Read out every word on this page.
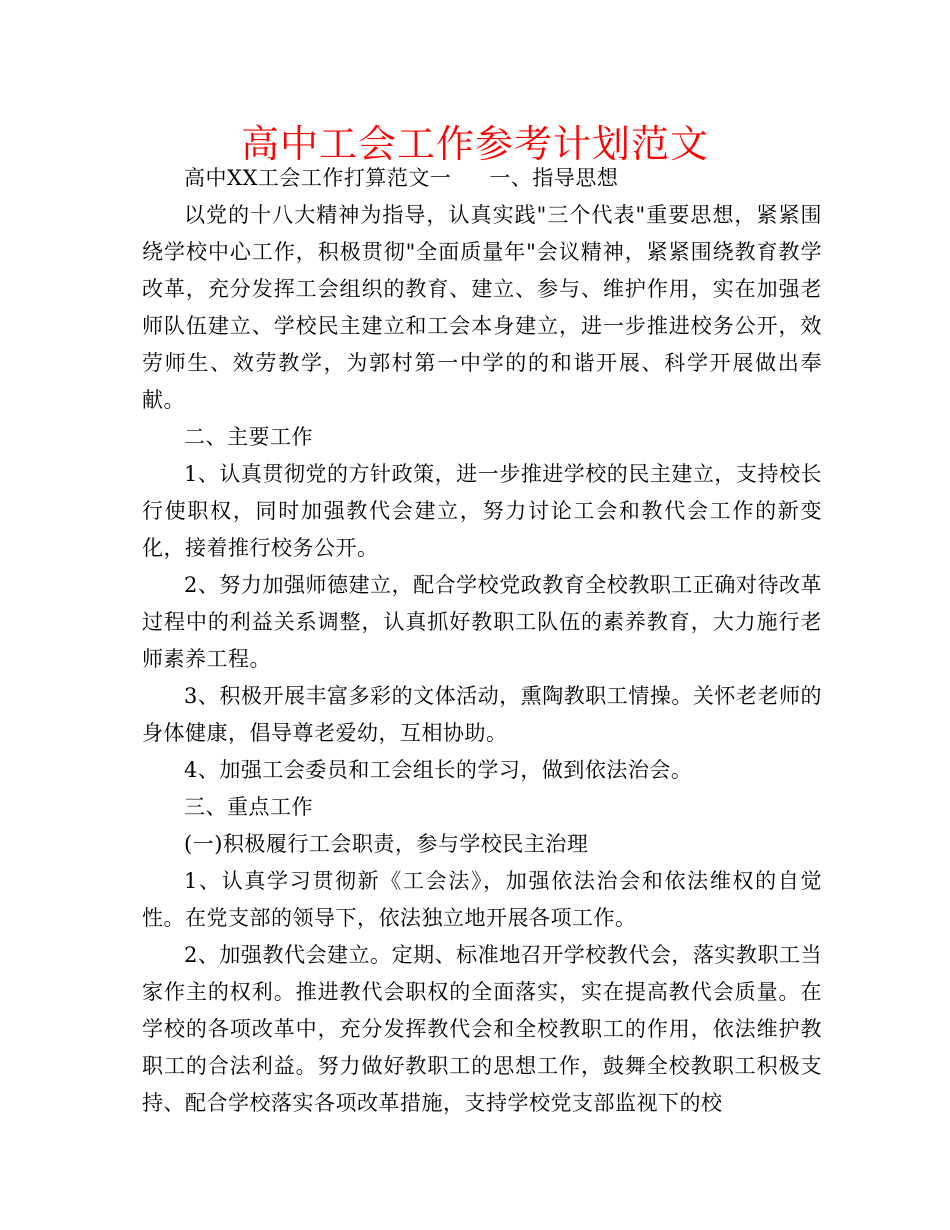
高中工会工作参考计划范文

高中XX工会工作打算范文一 一、指导思想

以党的十八大精神为指导，认真实践"三个代表"重要思想，紧紧围绕学校中心工作，积极贯彻"全面质量年"会议精神，紧紧围绕教育教学改革，充分发挥工会组织的教育、建立、参与、维护作用，实在加强老师队伍建立、学校民主建立和工会本身建立，进一步推进校务公开，效劳师生、效劳教学，为郭村第一中学的的和谐开展、科学开展做出奉献。

二、主要工作

1、认真贯彻党的方针政策，进一步推进学校的民主建立，支持校长行使职权，同时加强教代会建立，努力讨论工会和教代会工作的新变化，接着推行校务公开。

2、努力加强师德建立，配合学校党政教育全校教职工正确对待改革过程中的利益关系调整，认真抓好教职工队伍的素养教育，大力施行老师素养工程。

3、积极开展丰富多彩的文体活动，熏陶教职工情操。关怀老老师的身体健康，倡导尊老爱幼，互相协助。

4、加强工会委员和工会组长的学习，做到依法治会。

三、重点工作

(一)积极履行工会职责，参与学校民主治理

1、认真学习贯彻新《工会法》，加强依法治会和依法维权的自觉性。在党支部的领导下，依法独立地开展各项工作。

2、加强教代会建立。定期、标准地召开学校教代会，落实教职工当家作主的权利。推进教代会职权的全面落实，实在提高教代会质量。在学校的各项改革中，充分发挥教代会和全校教职工的作用，依法维护教职工的合法利益。努力做好教职工的思想工作，鼓舞全校教职工积极支持、配合学校落实各项改革措施，支持学校党支部监视下的校
